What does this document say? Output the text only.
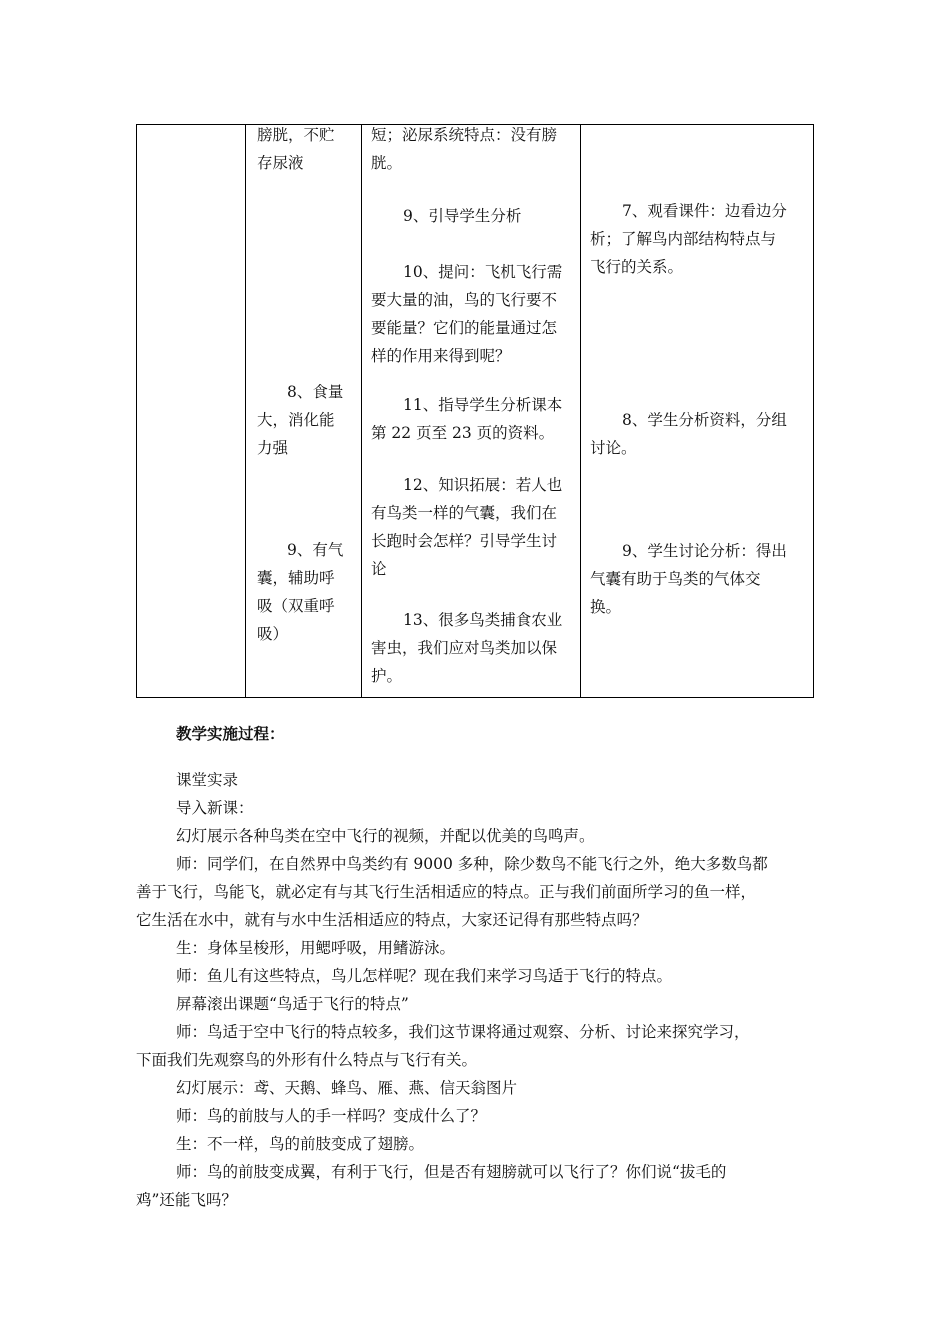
膀胱，不贮

存尿液

8、食量

大，消化能

力强

9、有气

囊，辅助呼

吸（双重呼

吸）

短；泌尿系统特点：没有膀

胱。

9、引导学生分析

10、提问：飞机飞行需

要大量的油，鸟的飞行要不

要能量？它们的能量通过怎

样的作用来得到呢？

11、指导学生分析课本

第 22 页至 23 页的资料。

12、知识拓展：若人也

有鸟类一样的气囊，我们在

长跑时会怎样？引导学生讨

论

13、很多鸟类捕食农业

害虫，我们应对鸟类加以保

护。

7、观看课件：边看边分

析；了解鸟内部结构特点与

飞行的关系。

8、学生分析资料，分组

讨论。

9、学生讨论分析：得出

气囊有助于鸟类的气体交

换。

教学实施过程：

课堂实录

导入新课：

幻灯展示各种鸟类在空中飞行的视频，并配以优美的鸟鸣声。

师：同学们，在自然界中鸟类约有 9000 多种，除少数鸟不能飞行之外，绝大多数鸟都
善于飞行，鸟能飞，就必定有与其飞行生活相适应的特点。正与我们前面所学习的鱼一样，
它生活在水中，就有与水中生活相适应的特点，大家还记得有那些特点吗？

生：身体呈梭形，用鳃呼吸，用鳍游泳。

师：鱼儿有这些特点，鸟儿怎样呢？现在我们来学习鸟适于飞行的特点。

屏幕滚出课题“鸟适于飞行的特点”

师：鸟适于空中飞行的特点较多，我们这节课将通过观察、分析、讨论来探究学习，
下面我们先观察鸟的外形有什么特点与飞行有关。

幻灯展示：鸢、天鹅、蜂鸟、雁、燕、信天翁图片

师：鸟的前肢与人的手一样吗？变成什么了？

生：不一样，鸟的前肢变成了翅膀。

师：鸟的前肢变成翼，有利于飞行，但是否有翅膀就可以飞行了？你们说“拔毛的
鸡”还能飞吗？
